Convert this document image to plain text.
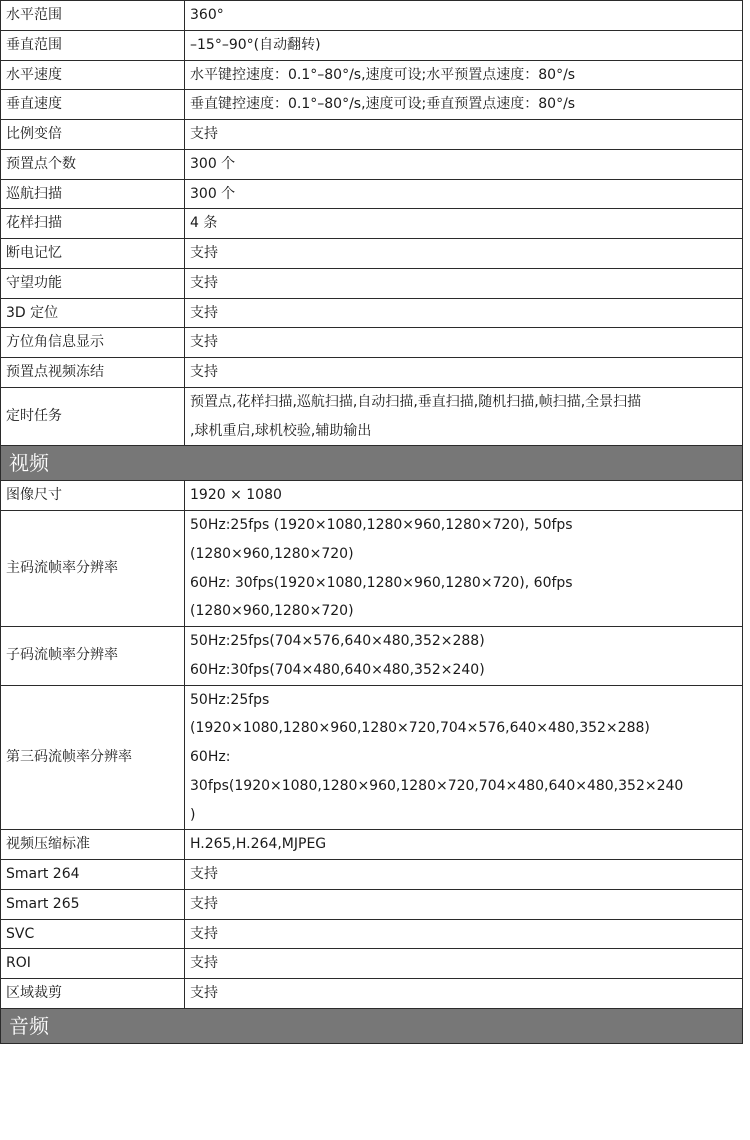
水平范围	360°

垂直范围	–15°–90°(自动翻转)

水平速度	水平键控速度：0.1°–80°/s,速度可设;水平预置点速度：80°/s

垂直速度	垂直键控速度：0.1°–80°/s,速度可设;垂直预置点速度：80°/s

比例变倍	支持

预置点个数	300 个

巡航扫描	300 个

花样扫描	4 条

断电记忆	支持

守望功能	支持

3D 定位	支持

方位角信息显示	支持

预置点视频冻结	支持

定时任务	预置点,花样扫描,巡航扫描,自动扫描,垂直扫描,随机扫描,帧扫描,全景扫描
,球机重启,球机校验,辅助输出

视频	
图像尺寸	1920 × 1080

主码流帧率分辨率	50Hz:25fps (1920×1080,1280×960,1280×720), 50fps
(1280×960,1280×720)
60Hz: 30fps(1920×1080,1280×960,1280×720), 60fps
(1280×960,1280×720)

子码流帧率分辨率	50Hz:25fps(704×576,640×480,352×288)
60Hz:30fps(704×480,640×480,352×240)

第三码流帧率分辨率	50Hz:25fps
(1920×1080,1280×960,1280×720,704×576,640×480,352×288)
60Hz:
30fps(1920×1080,1280×960,1280×720,704×480,640×480,352×240
)

视频压缩标准	H.265,H.264,MJPEG

Smart 264	支持

Smart 265	支持

SVC	支持

ROI	支持

区域裁剪	支持

音频	
